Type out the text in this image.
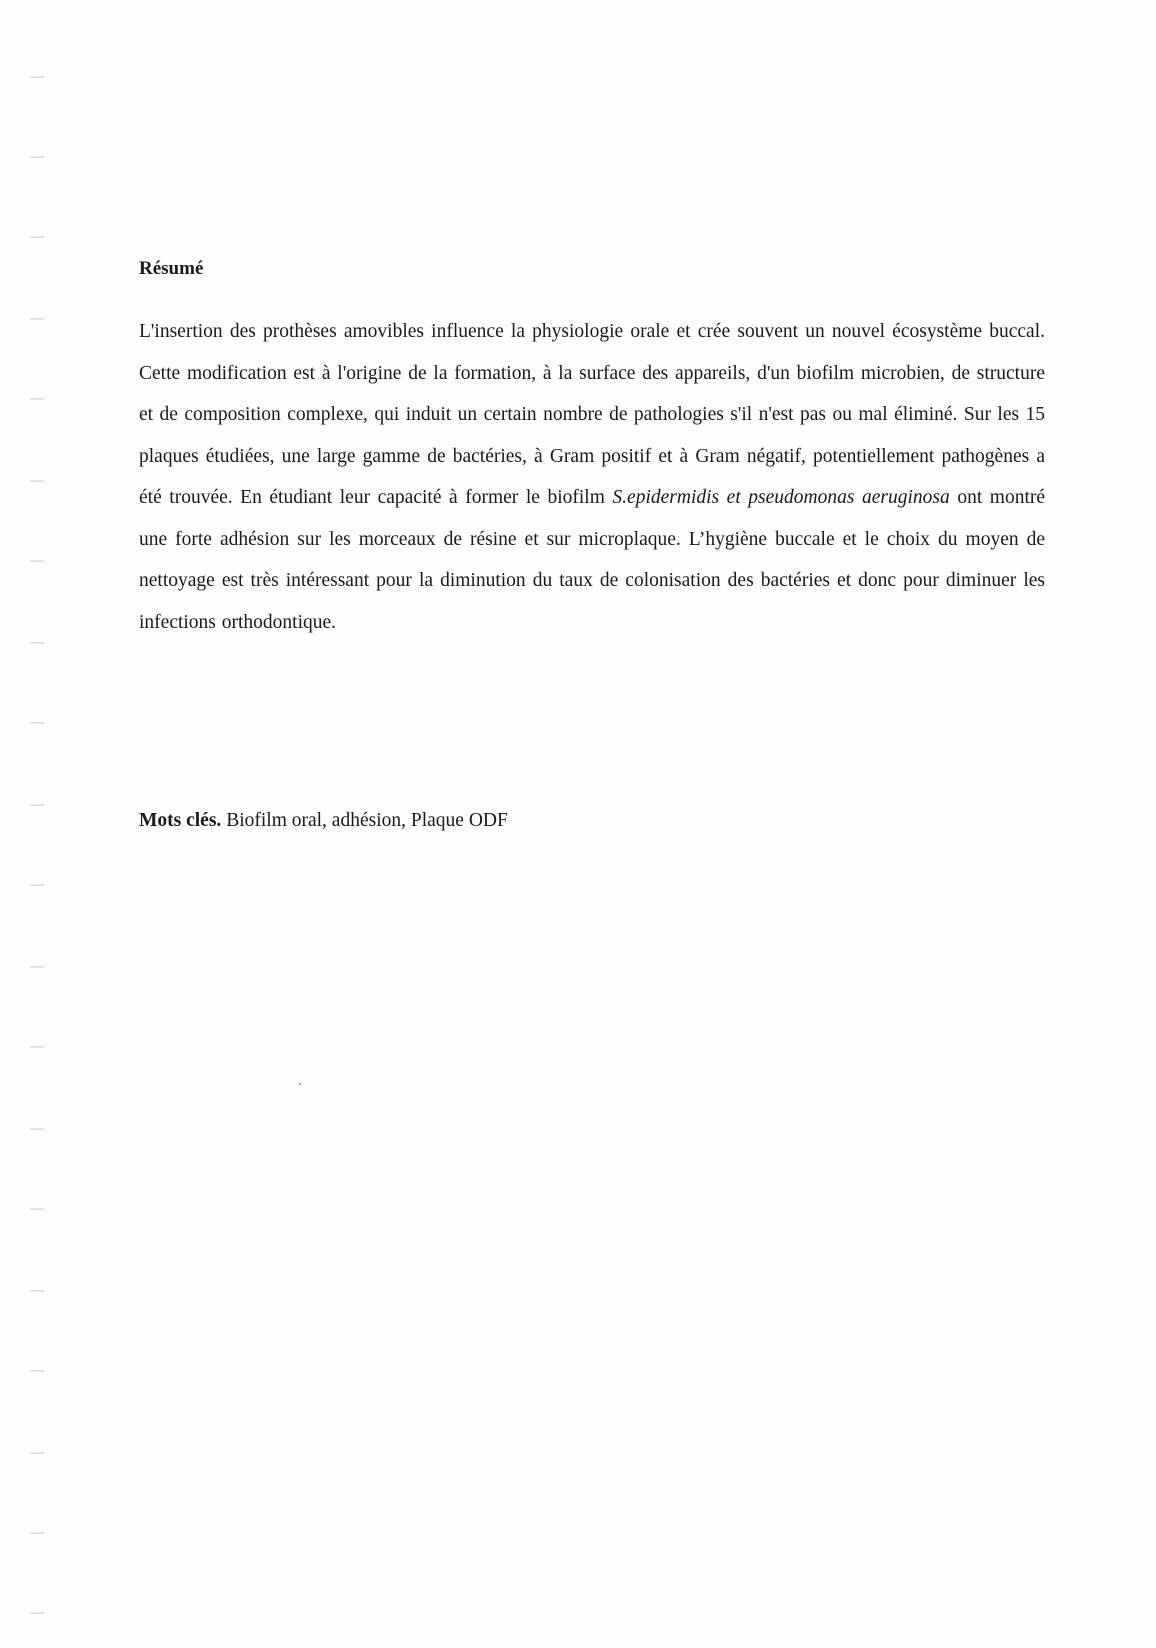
Résumé

L'insertion des prothèses amovibles influence la physiologie orale et crée souvent un nouvel écosystème buccal. Cette modification est à l'origine de la formation, à la surface des appareils, d'un biofilm microbien, de structure et de composition complexe, qui induit un certain nombre de pathologies s'il n'est pas ou mal éliminé. Sur les 15 plaques étudiées, une large gamme de bactéries, à Gram positif et à Gram négatif, potentiellement pathogènes a été trouvée. En étudiant leur capacité à former le biofilm S.epidermidis et pseudomonas aeruginosa ont montré une forte adhésion sur les morceaux de résine et sur microplaque. L’hygiène buccale et le choix du moyen de nettoyage est très intéressant pour la diminution du taux de colonisation des bactéries et donc pour diminuer les infections orthodontique.

Mots clés. Biofilm oral, adhésion, Plaque ODF
